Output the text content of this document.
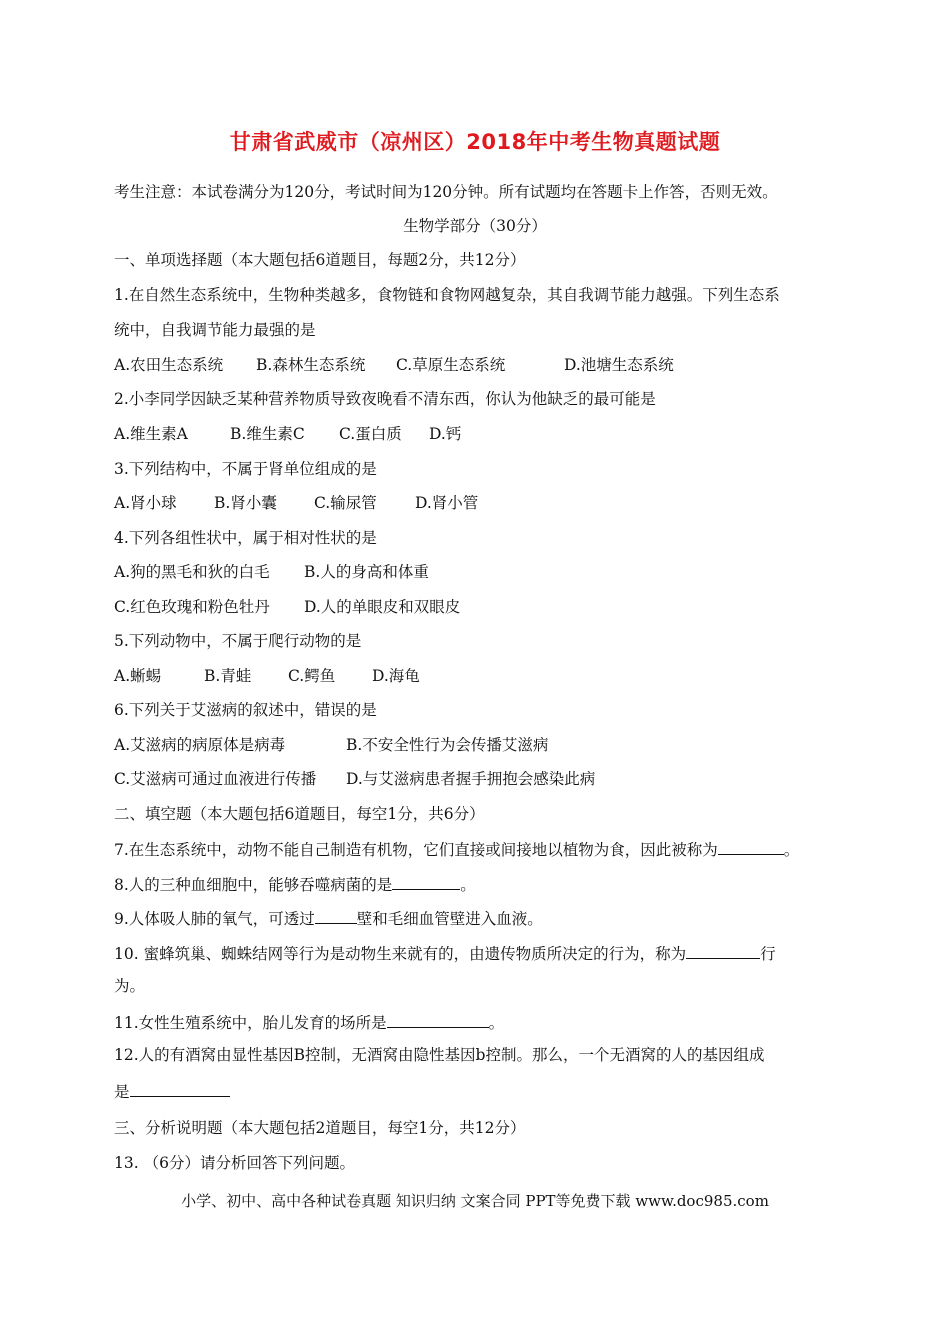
甘肃省武威市（凉州区）2018年中考生物真题试题
考生注意：本试卷满分为120分，考试时间为120分钟。所有试题均在答题卡上作答，否则无效。
生物学部分（30分）
一、单项选择题（本大题包括6道题目，每题2分，共12分）
1.在自然生态系统中，生物种类越多，食物链和食物网越复杂，其自我调节能力越强。下列生态系
统中，自我调节能力最强的是
A.农田生态系统 B.森林生态系统 C.草原生态系统	D.池塘生态系统
2.小李同学因缺乏某种营养物质导致夜晚看不清东西，你认为他缺乏的最可能是
A.维生素A	B.维生素C C.蛋白质 D.钙
3.下列结构中，不属于肾单位组成的是
A.肾小球 B.肾小囊 C.输尿管 D.肾小管
4.下列各组性状中，属于相对性状的是
A.狗的黑毛和狄的白毛 B.人的身高和体重
C.红色玫瑰和粉色牡丹 D.人的单眼皮和双眼皮
5.下列动物中，不属于爬行动物的是
A.蜥蜴	B.青蛙 C.鳄鱼 D.海龟
6.下列关于艾滋病的叙述中，错误的是
A.艾滋病的病原体是病毒	B.不安全性行为会传播艾滋病
C.艾滋病可通过血液进行传播 D.与艾滋病患者握手拥抱会感染此病
二、填空题（本大题包括6道题目，每空1分，共6分）
7.在生态系统中，动物不能自己制造有机物，它们直接或间接地以植物为食，因此被称为	。
8.人的三种血细胞中，能够吞噬病菌的是	。
9.人体吸人肺的氧气，可透过	壁和毛细血管壁进入血液。
10. 蜜蜂筑巢、蜘蛛结网等行为是动物生来就有的，由遗传物质所决定的行为，称为	行
为。
11.女性生殖系统中，胎儿发育的场所是	。
12.人的有酒窝由显性基因B控制，无酒窝由隐性基因b控制。那么，一个无酒窝的人的基因组成
是
三、分析说明题（本大题包括2道题目，每空1分，共12分）
13. （6分）请分析回答下列问题。
小学、初中、高中各种试卷真题 知识归纳 文案合同 PPT等免费下载 www.doc985.com
